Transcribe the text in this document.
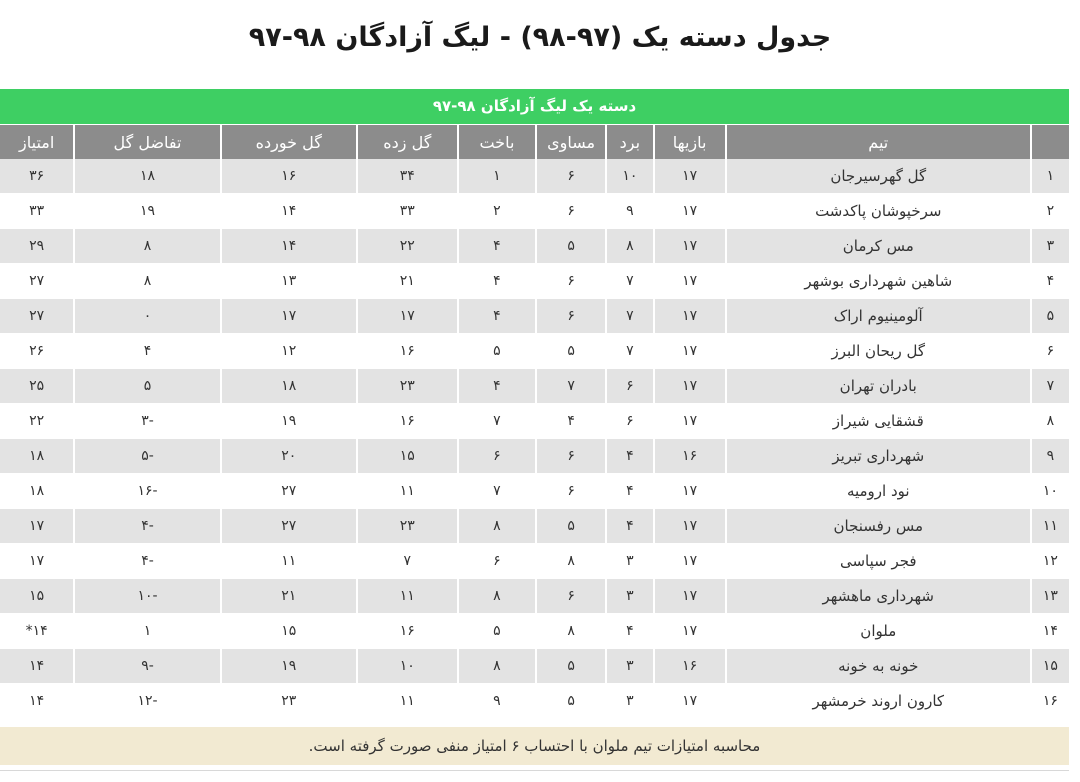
جدول دسته یک (۹۷-۹۸) - لیگ آزادگان ۹۸-۹۷
دسته یک لیگ آزادگان ۹۸-۹۷
	تیم	بازیها	برد	مساوی	باخت	گل زده	گل خورده	تفاضل گل	امتیاز
۱	گل گهرسیرجان	۱۷	۱۰	۶	۱	۳۴	۱۶	۱۸	۳۶
۲	سرخپوشان پاکدشت	۱۷	۹	۶	۲	۳۳	۱۴	۱۹	۳۳
۳	مس کرمان	۱۷	۸	۵	۴	۲۲	۱۴	۸	۲۹
۴	شاهین شهرداری بوشهر	۱۷	۷	۶	۴	۲۱	۱۳	۸	۲۷
۵	آلومینیوم اراک	۱۷	۷	۶	۴	۱۷	۱۷	۰	۲۷
۶	گل ریحان البرز	۱۷	۷	۵	۵	۱۶	۱۲	۴	۲۶
۷	بادران تهران	۱۷	۶	۷	۴	۲۳	۱۸	۵	۲۵
۸	قشقایی شیراز	۱۷	۶	۴	۷	۱۶	۱۹	-۳	۲۲
۹	شهرداری تبریز	۱۶	۴	۶	۶	۱۵	۲۰	-۵	۱۸
۱۰	نود ارومیه	۱۷	۴	۶	۷	۱۱	۲۷	-۱۶	۱۸
۱۱	مس رفسنجان	۱۷	۴	۵	۸	۲۳	۲۷	-۴	۱۷
۱۲	فجر سپاسی	۱۷	۳	۸	۶	۷	۱۱	-۴	۱۷
۱۳	شهرداری ماهشهر	۱۷	۳	۶	۸	۱۱	۲۱	-۱۰	۱۵
۱۴	ملوان	۱۷	۴	۸	۵	۱۶	۱۵	۱	۱۴*
۱۵	خونه به خونه	۱۶	۳	۵	۸	۱۰	۱۹	-۹	۱۴
۱۶	کارون اروند خرمشهر	۱۷	۳	۵	۹	۱۱	۲۳	-۱۲	۱۴
محاسبه امتیازات تیم ملوان با احتساب ۶ امتیاز منفی صورت گرفته است.
